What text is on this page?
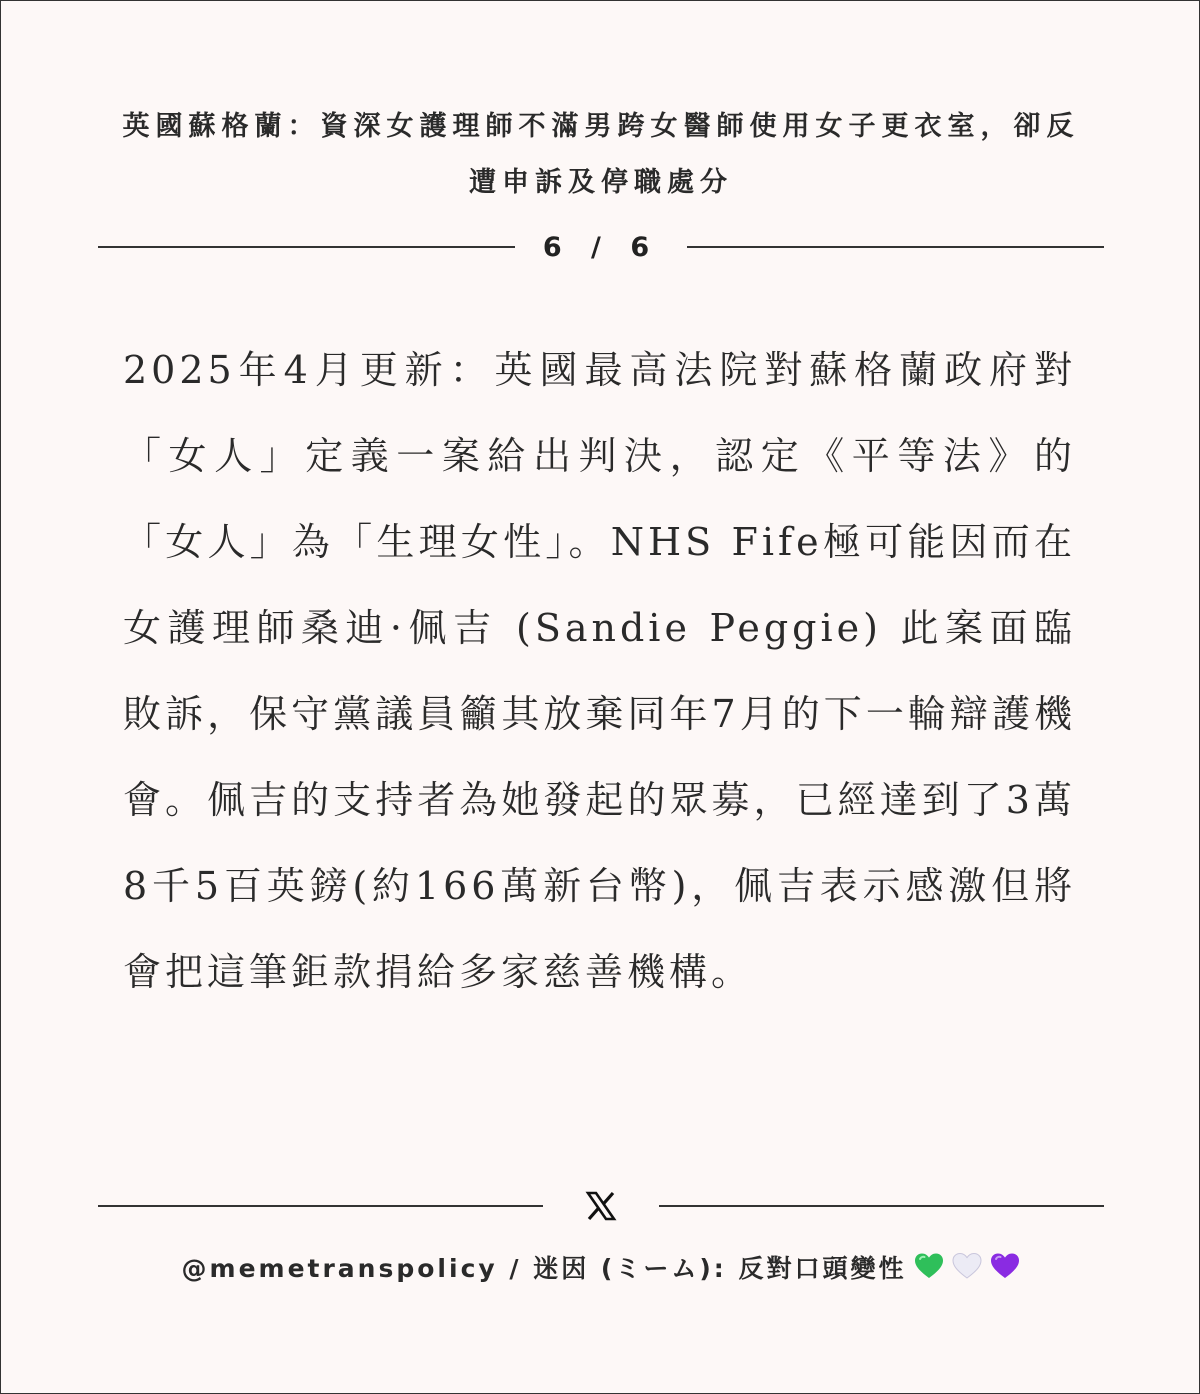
英國蘇格蘭：資深女護理師不滿男跨女醫師使用女子更衣室，卻反遭申訴及停職處分
6 / 6

2025年4月更新：英國最高法院對蘇格蘭政府對「女人」定義一案給出判決，認定《平等法》的「女人」為「生理女性」。NHS Fife極可能因而在女護理師桑迪·佩吉 (Sandie Peggie) 此案面臨敗訴，保守黨議員籲其放棄同年7月的下一輪辯護機會。佩吉的支持者為她發起的眾募，已經達到了3萬8千5百英鎊(約166萬新台幣)，佩吉表示感激但將會把這筆鉅款捐給多家慈善機構。

@memetranspolicy / 迷因 (ミーム): 反對口頭變性
